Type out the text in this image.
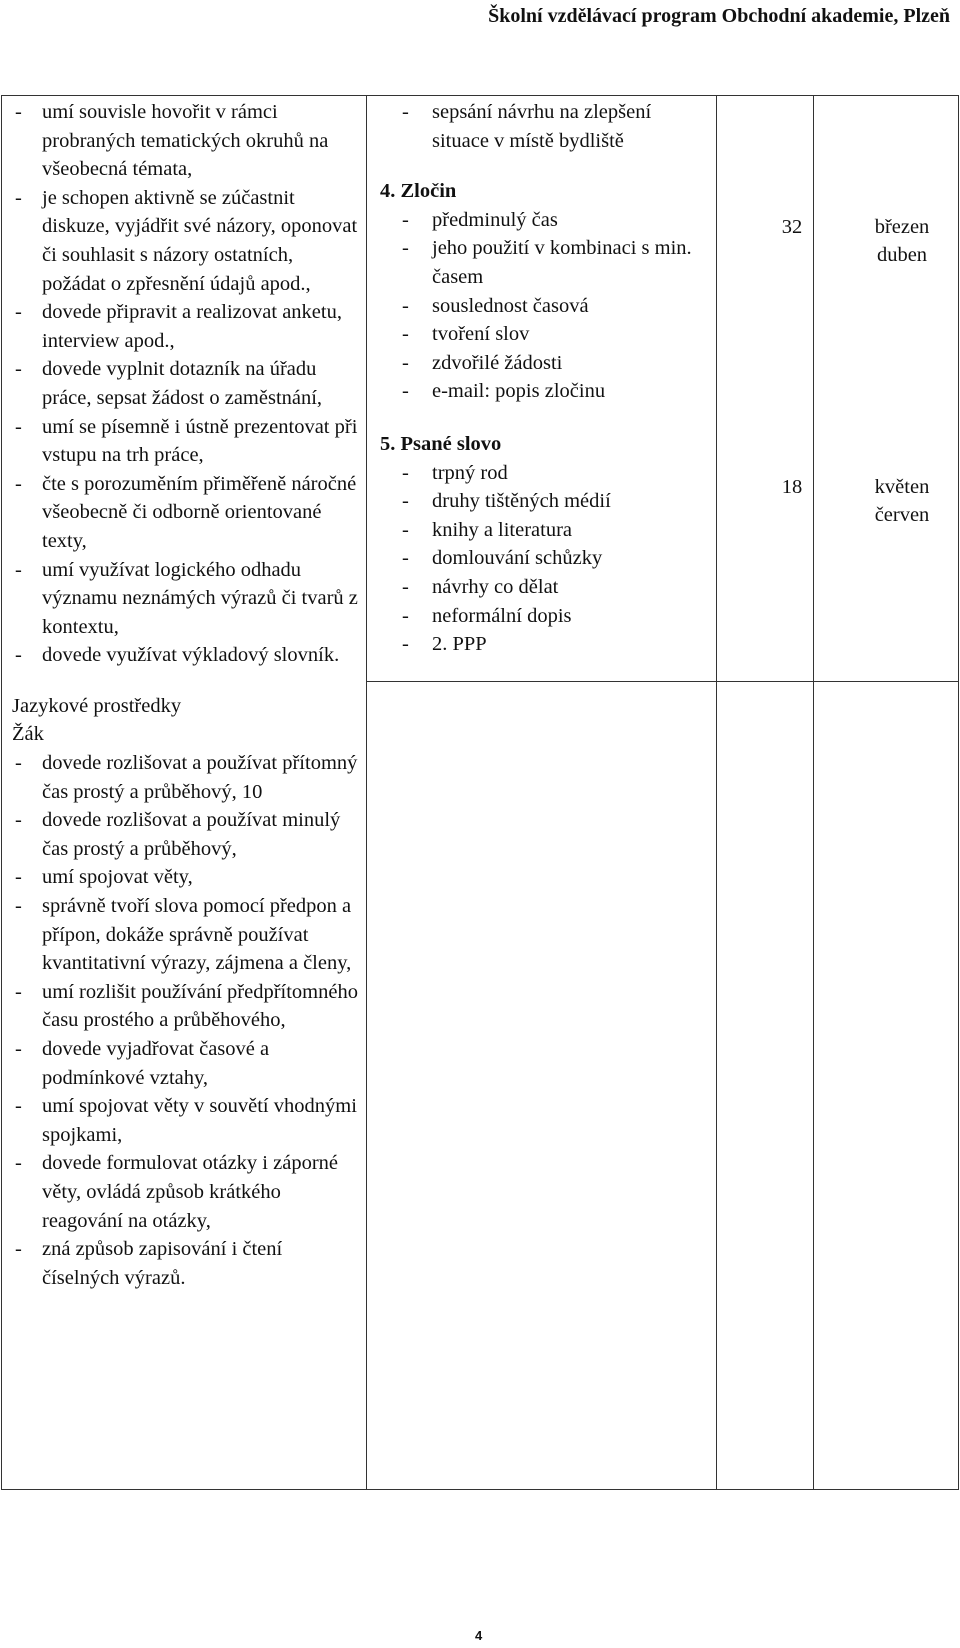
Školní vzdělávací program Obchodní akademie, Plzeň
- umí souvisle hovořit v rámci probraných tematických okruhů na všeobecná témata,
- je schopen aktivně se zúčastnit diskuze, vyjádřit své názory, oponovat či souhlasit s názory ostatních, požádat o zpřesnění údajů apod.,
- dovede připravit a realizovat anketu, interview apod.,
- dovede vyplnit dotazník na úřadu práce, sepsat žádost o zaměstnání,
- umí se písemně i ústně prezentovat při vstupu na trh práce,
- čte s porozuměním přiměřeně náročné všeobecně či odborně orientované texty,
- umí využívat logického odhadu významu neznámých výrazů či tvarů z kontextu,
- dovede využívat výkladový slovník.
Jazykové prostředky
Žák
- dovede rozlišovat a používat přítomný čas prostý a průběhový, 10
- dovede rozlišovat a používat minulý čas prostý a průběhový,
- umí spojovat věty,
- správně tvoří slova pomocí předpon a přípon, dokáže správně používat kvantitativní výrazy, zájmena a členy,
- umí rozlišit používání předpřítomného času prostého a průběhového,
- dovede vyjadřovat časové a podmínkové vztahy,
- umí spojovat věty v souvětí vhodnými spojkami,
- dovede formulovat otázky i záporné věty, ovládá způsob krátkého reagování na otázky,
- zná způsob zapisování i čtení číselných výrazů.
- sepsání návrhu na zlepšení situace v místě bydliště
4. Zločin
- předminulý čas
- jeho použití v kombinaci s min. časem
- souslednost časová
- tvoření slov
- zdvořilé žádosti
- e-mail: popis zločinu
5. Psané slovo
- trpný rod
- druhy tištěných médií
- knihy a literatura
- domlouvání schůzky
- návrhy co dělat
- neformální dopis
- 2. PPP
32
18
březen
duben
květen
červen
4
